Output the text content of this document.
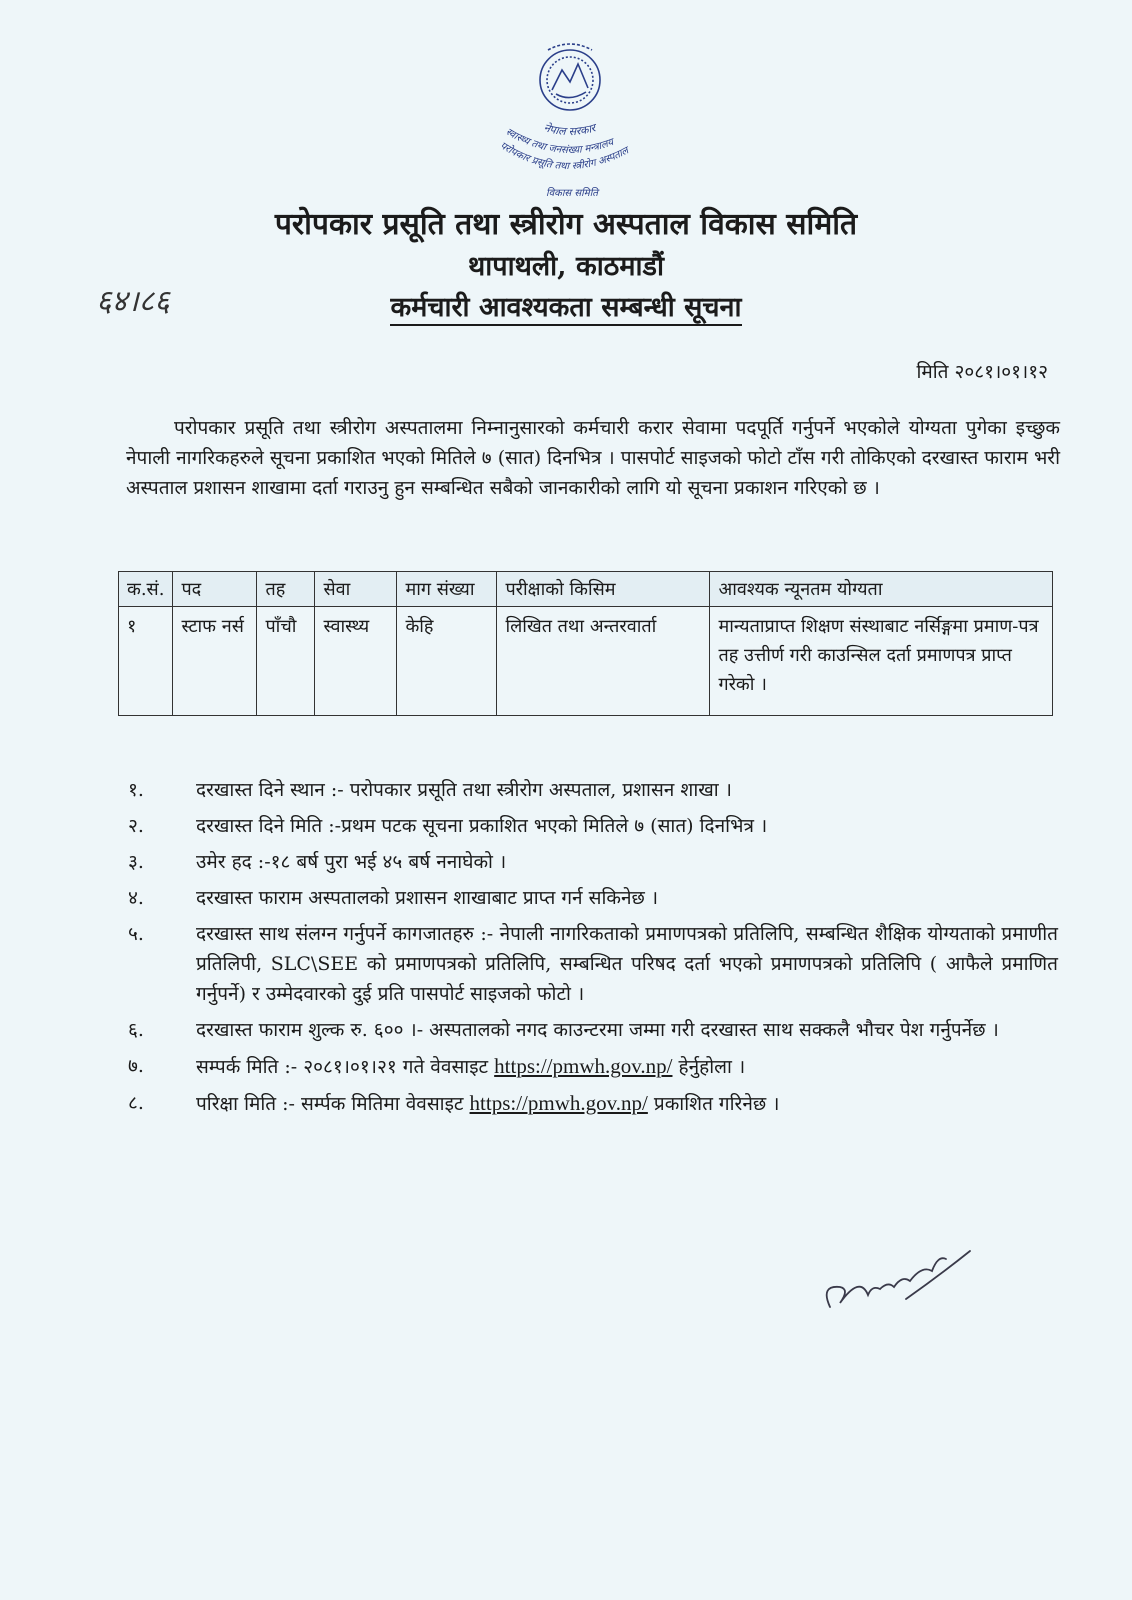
नेपाल सरकार
स्वास्थ्य तथा जनसंख्या मन्त्रालय
परोपकार प्रसूति तथा स्त्रीरोग अस्पताल
विकास समिति
परोपकार प्रसूति तथा स्त्रीरोग अस्पताल विकास समिति
थापाथली, काठमाडौं
कर्मचारी आवश्यकता सम्बन्धी सूचना
६४।८६
मिति २०८१।०१।१२
परोपकार प्रसूति तथा स्त्रीरोग अस्पतालमा निम्नानुसारको कर्मचारी करार सेवामा पदपूर्ति गर्नुपर्ने भएकोले योग्यता पुगेका इच्छुक नेपाली नागरिकहरुले सूचना प्रकाशित भएको मितिले ७ (सात) दिनभित्र । पासपोर्ट साइजको फोटो टाँस गरी तोकिएको दरखास्त फाराम भरी अस्पताल प्रशासन शाखामा दर्ता गराउनु हुन सम्बन्धित सबैको जानकारीको लागि यो सूचना प्रकाशन गरिएको छ ।
क.सं.	पद	तह	सेवा	माग संख्या	परीक्षाको किसिम	आवश्यक न्यूनतम योग्यता
१	स्टाफ नर्स	पाँचौ	स्वास्थ्य	केहि	लिखित तथा अन्तरवार्ता	मान्यताप्राप्त शिक्षण संस्थाबाट नर्सिङ्गमा प्रमाण-पत्र तह उत्तीर्ण गरी काउन्सिल दर्ता प्रमाणपत्र प्राप्त गरेको ।
१.	दरखास्त दिने स्थान :- परोपकार प्रसूति तथा स्त्रीरोग अस्पताल, प्रशासन शाखा ।
२.	दरखास्त दिने मिति :-प्रथम पटक सूचना प्रकाशित भएको मितिले ७ (सात) दिनभित्र ।
३.	उमेर हद :-१८ बर्ष पुरा भई ४५ बर्ष ननाघेको ।
४.	दरखास्त फाराम अस्पतालको प्रशासन शाखाबाट प्राप्त गर्न सकिनेछ ।
५.	दरखास्त साथ संलग्न गर्नुपर्ने कागजातहरु :- नेपाली नागरिकताको प्रमाणपत्रको प्रतिलिपि, सम्बन्धित शैक्षिक योग्यताको प्रमाणीत प्रतिलिपी, SLC\SEE को प्रमाणपत्रको प्रतिलिपि, सम्बन्धित परिषद दर्ता भएको प्रमाणपत्रको प्रतिलिपि ( आफैले प्रमाणित गर्नुपर्ने) र उम्मेदवारको दुई प्रति पासपोर्ट साइजको फोटो ।
६.	दरखास्त फाराम शुल्क रु. ६०० ।- अस्पतालको नगद काउन्टरमा जम्मा गरी दरखास्त साथ सक्कलै भौचर पेश गर्नुपर्नेछ ।
७.	सम्पर्क मिति :- २०८१।०१।२१ गते वेवसाइट https://pmwh.gov.np/ हेर्नुहोला ।
८.	परिक्षा मिति :- सर्म्पक मितिमा वेवसाइट https://pmwh.gov.np/ प्रकाशित गरिनेछ ।
